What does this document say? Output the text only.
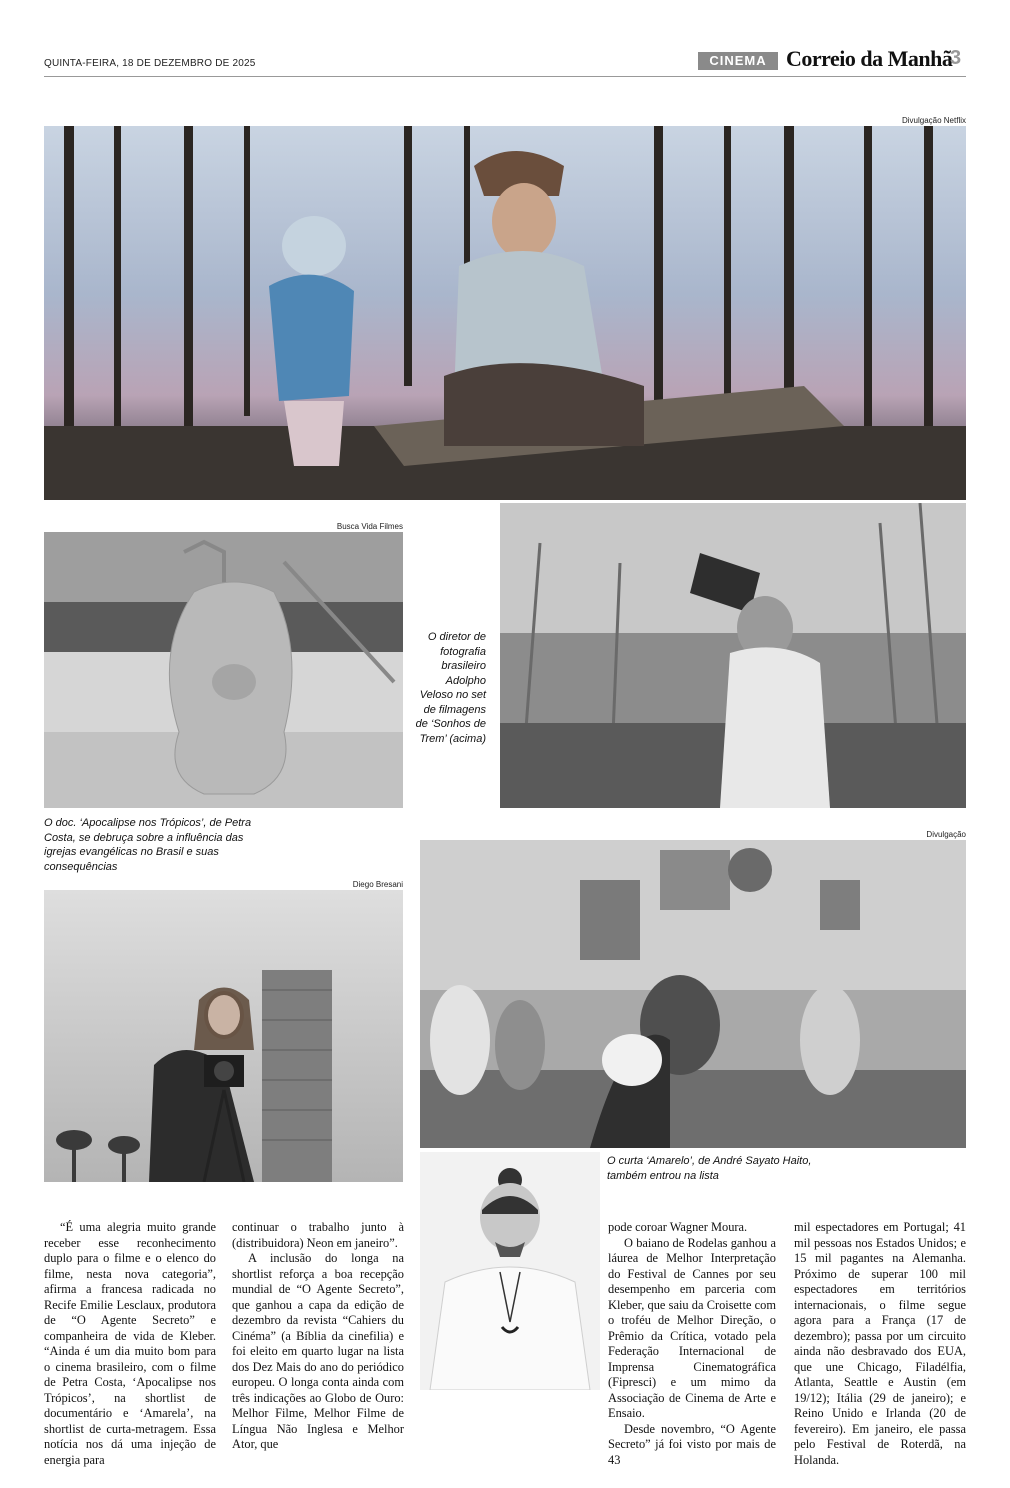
QUINTA-FEIRA, 18 DE DEZEMBRO DE 2025	CINEMA Correio da Manhã
3
Divulgação Netflix
Busca Vida Filmes
O doc. ‘Apocalipse nos Trópicos’, de Petra Costa, se debruça sobre a influência das igrejas evangélicas no Brasil e suas consequências
O diretor de fotografia brasileiro Adolpho Veloso no set de filmagens de ‘Sonhos de Trem’ (acima)
Divulgação
O curta ‘Amarelo’, de André Sayato Haito, também entrou na lista
Diego Bresani

“É uma alegria muito grande receber esse reconhecimento duplo para o filme e o elenco do filme, nesta nova categoria”, afirma a francesa radicada no Recife Emilie Lesclaux, produtora de “O Agente Secreto” e companheira de vida de Kleber. “Ainda é um dia muito bom para o cinema brasileiro, com o filme de Petra Costa, ‘Apocalipse nos Trópicos’, na shortlist de documentário e ‘Amarela’, na shortlist de curta-metragem. Essa notícia nos dá uma injeção de energia para

continuar o trabalho junto à (distribuidora) Neon em janeiro”.

A inclusão do longa na shortlist reforça a boa recepção mundial de “O Agente Secreto”, que ganhou a capa da edição de dezembro da revista “Cahiers du Cinéma” (a Bíblia da cinefilia) e foi eleito em quarto lugar na lista dos Dez Mais do ano do periódico europeu. O longa conta ainda com três indicações ao Globo de Ouro: Melhor Filme, Melhor Filme de Língua Não Inglesa e Melhor Ator, que

pode coroar Wagner Moura.

O baiano de Rodelas ganhou a láurea de Melhor Interpretação do Festival de Cannes por seu desempenho em parceria com Kleber, que saiu da Croisette com o troféu de Melhor Direção, o Prêmio da Crítica, votado pela Federação Internacional de Imprensa Cinematográfica (Fipresci) e um mimo da Associação de Cinema de Arte e Ensaio.

Desde novembro, “O Agente Secreto” já foi visto por mais de 43

mil espectadores em Portugal; 41 mil pessoas nos Estados Unidos; e 15 mil pagantes na Alemanha. Próximo de superar 100 mil espectadores em territórios internacionais, o filme segue agora para a França (17 de dezembro); passa por um circuito ainda não desbravado dos EUA, que une Chicago, Filadélfia, Atlanta, Seattle e Austin (em 19/12); Itália (29 de janeiro); e Reino Unido e Irlanda (20 de fevereiro). Em janeiro, ele passa pelo Festival de Roterdã, na Holanda.
